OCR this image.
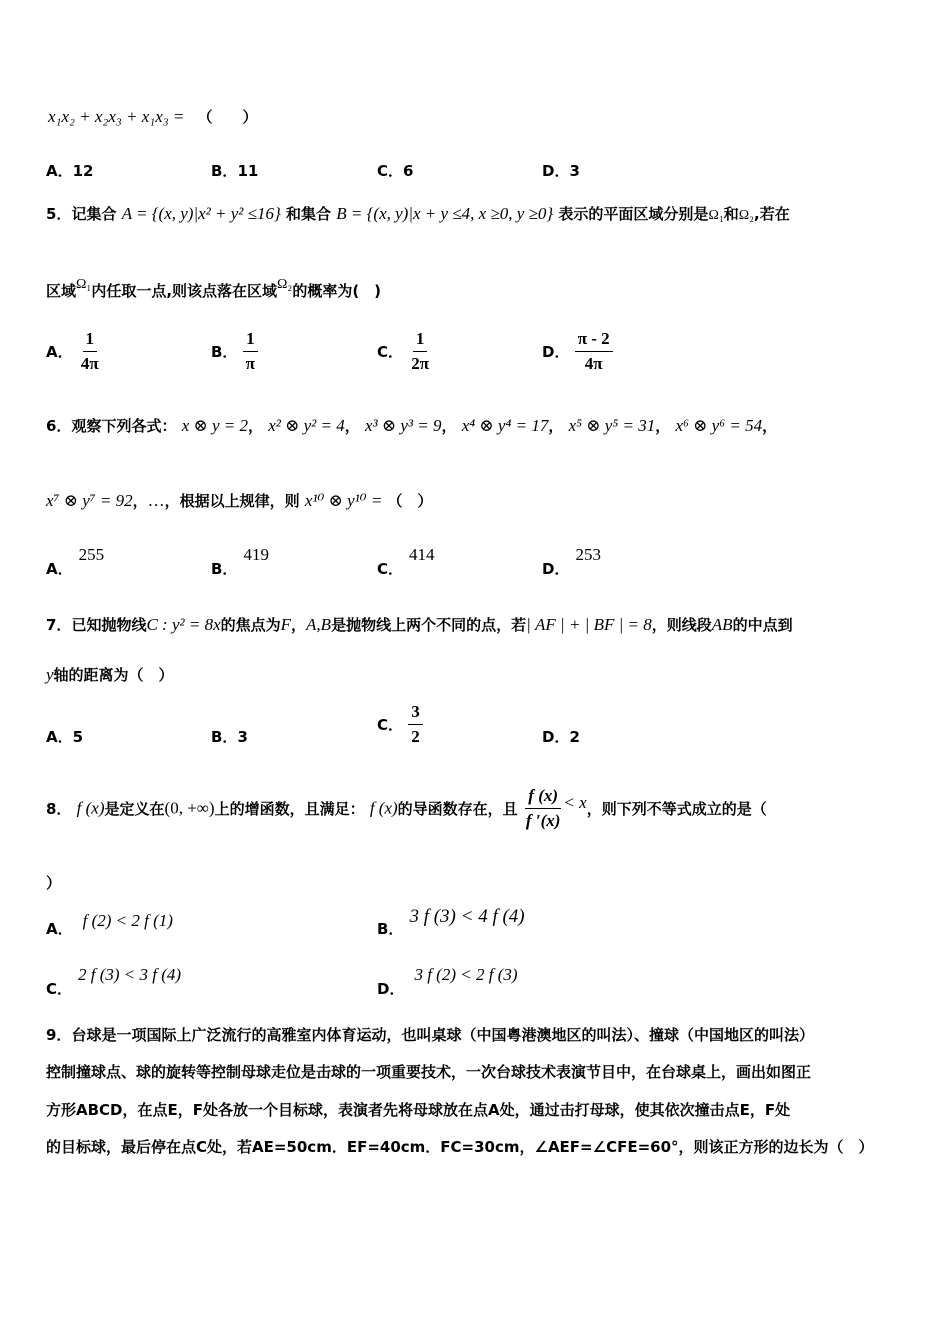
x₁x₂ + x₂x₃ + x₁x₃ = （　　）
A．12	B．11	C．6	D．3
5．记集合 A = {(x, y)|x² + y² ≤16} 和集合 B = {(x, y)|x + y ≤4, x ≥0, y ≥0} 表示的平面区域分别是Ω₁和Ω₂,若在
区域Ω₁内任取一点,则该点落在区域Ω₂的概率为(　)
A． $\frac{1}{4\pi}$	B． $\frac{1}{\pi}$	C． $\frac{1}{2\pi}$	D． $\frac{\pi - 2}{4\pi}$
6．观察下列各式： x ⊗ y = 2， x² ⊗ y² = 4， x³ ⊗ y³ = 9， x⁴ ⊗ y⁴ = 17， x⁵ ⊗ y⁵ = 31， x⁶ ⊗ y⁶ = 54，
x⁷ ⊗ y⁷ = 92，…，根据以上规律，则 x¹⁰ ⊗ y¹⁰ = （　）
A．255
B．419
C．414
D．253
7．已知抛物线C : y² = 8x的焦点为F，A,B是抛物线上两个不同的点，若| AF | + | BF | = 8，则线段AB的中点到
y轴的距离为（　）
A．5	B．3
C． $\frac{3}{2}$	D．2
8． f (x)是定义在(0, +∞)上的增函数，且满足： f (x)的导函数存在，且 $\frac{f (x)}{f '(x)} < x$，则下列不等式成立的是（
）
A． f (2) < 2 f (1)	B．3 f (3) < 4 f (4)
C．2 f (3) < 3 f (4)
D．3 f (2) < 2 f (3)
9．台球是一项国际上广泛流行的高雅室内体育运动，也叫桌球（中国粤港澳地区的叫法）、撞球（中国地区的叫法）
控制撞球点、球的旋转等控制母球走位是击球的一项重要技术，一次台球技术表演节目中，在台球桌上，画出如图正
方形ABCD，在点E，F处各放一个目标球，表演者先将母球放在点A处，通过击打母球，使其依次撞击点E，F处
的目标球，最后停在点C处，若AE=50cm．EF=40cm．FC=30cm，∠AEF=∠CFE=60°，则该正方形的边长为（　）
